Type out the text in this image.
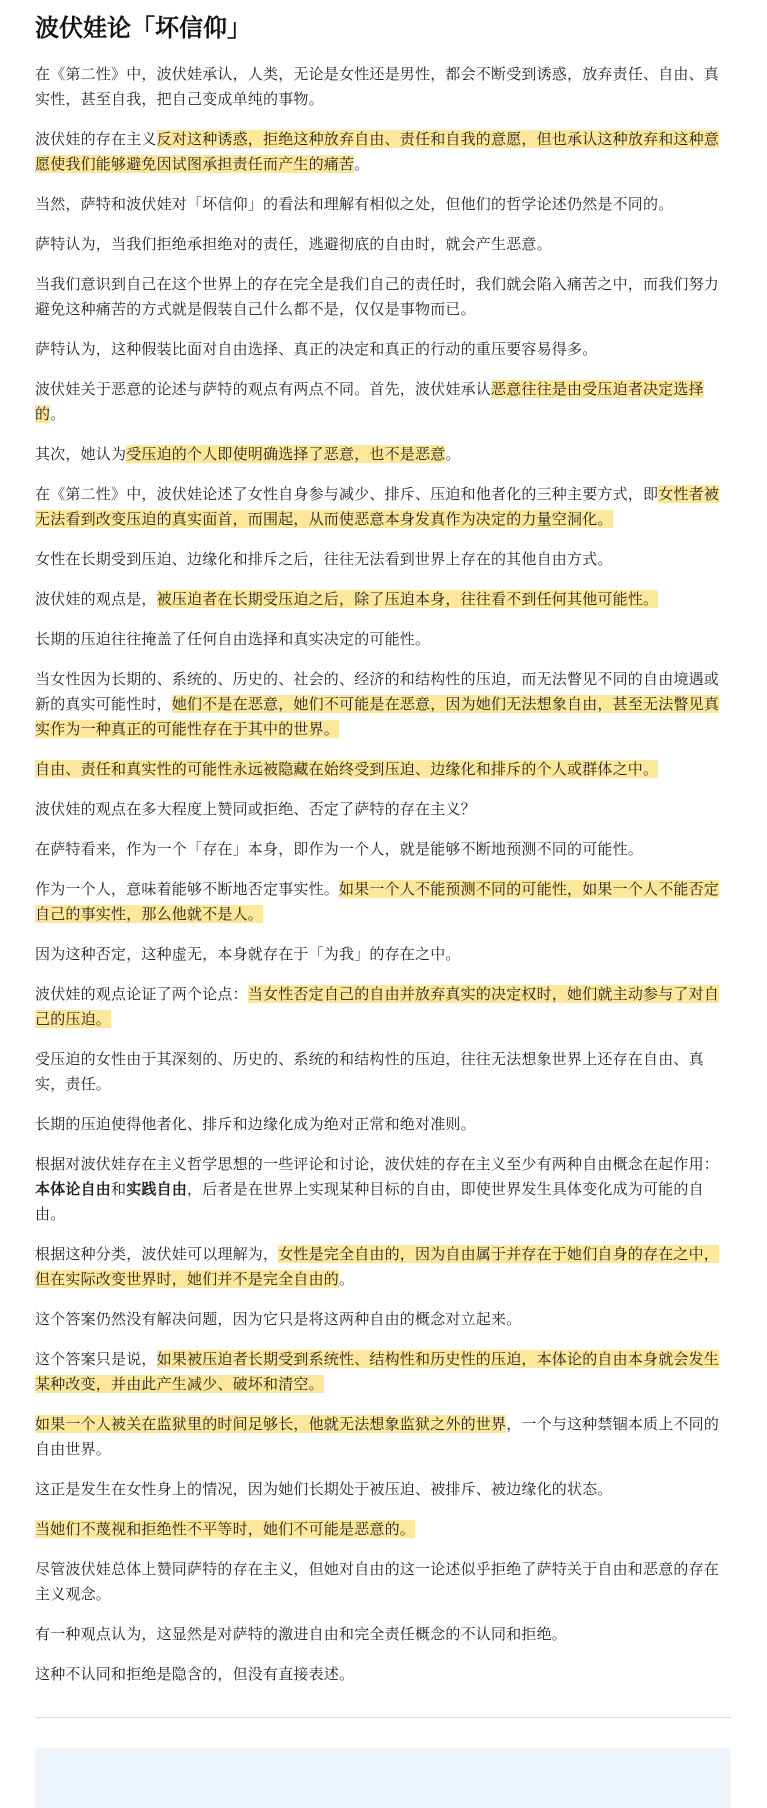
波伏娃论「坏信仰」

在《第二性》中，波伏娃承认，人类，无论是女性还是男性，都会不断受到诱惑，放弃责任、自由、真实性，甚至自我，把自己变成单纯的事物。

波伏娃的存在主义反对这种诱惑，拒绝这种放弃自由、责任和自我的意愿，但也承认这种放弃和这种意愿使我们能够避免因试图承担责任而产生的痛苦。

当然，萨特和波伏娃对「坏信仰」的看法和理解有相似之处，但他们的哲学论述仍然是不同的。

萨特认为，当我们拒绝承担绝对的责任，逃避彻底的自由时，就会产生恶意。

当我们意识到自己在这个世界上的存在完全是我们自己的责任时，我们就会陷入痛苦之中，而我们努力避免这种痛苦的方式就是假装自己什么都不是，仅仅是事物而已。

萨特认为，这种假装比面对自由选择、真正的决定和真正的行动的重压要容易得多。

波伏娃关于恶意的论述与萨特的观点有两点不同。首先，波伏娃承认恶意往往是由受压迫者决定选择的。

其次，她认为受压迫的个人即使明确选择了恶意，也不是恶意。

在《第二性》中，波伏娃论述了女性自身参与减少、排斥、压迫和他者化的三种主要方式，即女性者被无法看到改变压迫的真实面首，而围起，从而使恶意本身发真作为决定的力量空洞化。

女性在长期受到压迫、边缘化和排斥之后，往往无法看到世界上存在的其他自由方式。

波伏娃的观点是，被压迫者在长期受压迫之后，除了压迫本身，往往看不到任何其他可能性。

长期的压迫往往掩盖了任何自由选择和真实决定的可能性。

当女性因为长期的、系统的、历史的、社会的、经济的和结构性的压迫，而无法瞥见不同的自由境遇或新的真实可能性时，她们不是在恶意，她们不可能是在恶意，因为她们无法想象自由，甚至无法瞥见真实作为一种真正的可能性存在于其中的世界。

自由、责任和真实性的可能性永远被隐藏在始终受到压迫、边缘化和排斥的个人或群体之中。

波伏娃的观点在多大程度上赞同或拒绝、否定了萨特的存在主义？

在萨特看来，作为一个「存在」本身，即作为一个人，就是能够不断地预测不同的可能性。

作为一个人，意味着能够不断地否定事实性。如果一个人不能预测不同的可能性，如果一个人不能否定自己的事实性，那么他就不是人。

因为这种否定，这种虚无，本身就存在于「为我」的存在之中。

波伏娃的观点论证了两个论点：当女性否定自己的自由并放弃真实的决定权时，她们就主动参与了对自己的压迫。

受压迫的女性由于其深刻的、历史的、系统的和结构性的压迫，往往无法想象世界上还存在自由、真实，责任。

长期的压迫使得他者化、排斥和边缘化成为绝对正常和绝对准则。

根据对波伏娃存在主义哲学思想的一些评论和讨论，波伏娃的存在主义至少有两种自由概念在起作用：本体论自由和实践自由，后者是在世界上实现某种目标的自由，即使世界发生具体变化成为可能的自由。

根据这种分类，波伏娃可以理解为，女性是完全自由的，因为自由属于并存在于她们自身的存在之中，但在实际改变世界时，她们并不是完全自由的。

这个答案仍然没有解决问题，因为它只是将这两种自由的概念对立起来。

这个答案只是说，如果被压迫者长期受到系统性、结构性和历史性的压迫，本体论的自由本身就会发生某种改变，并由此产生减少、破坏和清空。

如果一个人被关在监狱里的时间足够长，他就无法想象监狱之外的世界，一个与这种禁锢本质上不同的自由世界。

这正是发生在女性身上的情况，因为她们长期处于被压迫、被排斥、被边缘化的状态。

当她们不蔑视和拒绝性不平等时，她们不可能是恶意的。

尽管波伏娃总体上赞同萨特的存在主义，但她对自由的这一论述似乎拒绝了萨特关于自由和恶意的存在主义观念。

有一种观点认为，这显然是对萨特的激进自由和完全责任概念的不认同和拒绝。

这种不认同和拒绝是隐含的，但没有直接表述。
